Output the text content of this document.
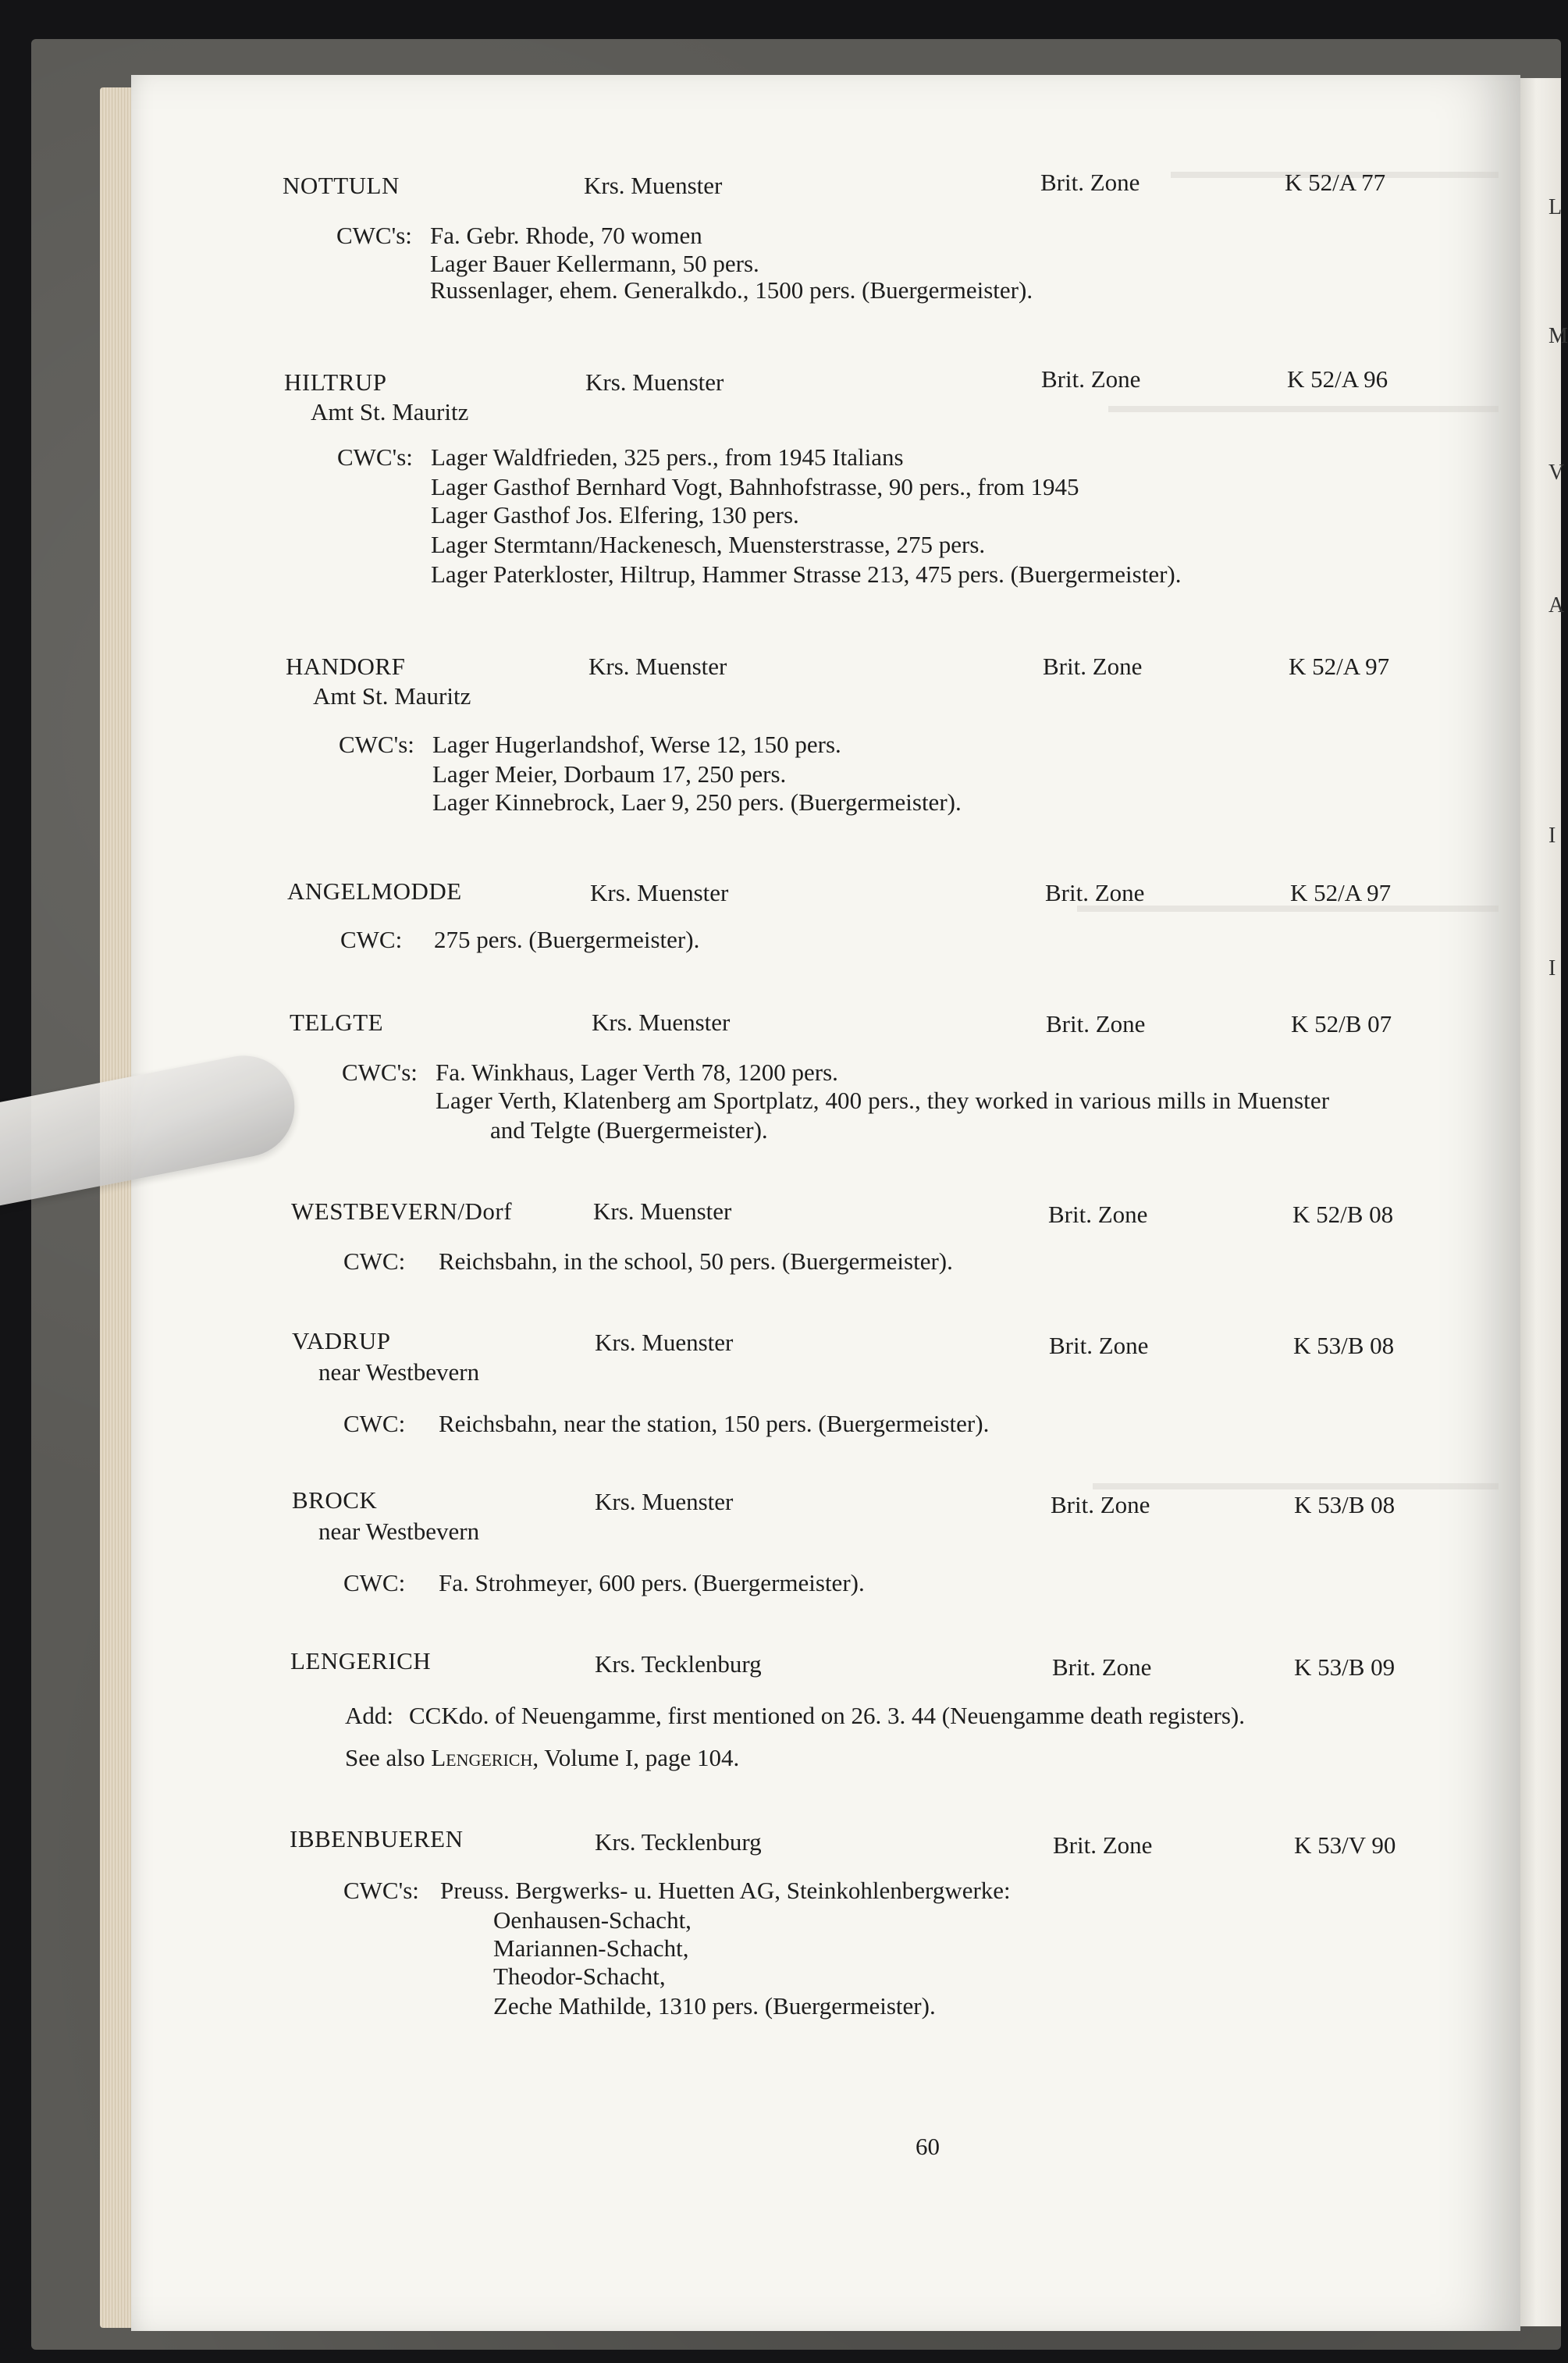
L
M
V
A
I
I
NOTTULN	Krs. Muenster	Brit. Zone	K 52/A 77
CWC's: Fa. Gebr. Rhode, 70 women
Lager Bauer Kellermann, 50 pers.
Russenlager, ehem. Generalkdo., 1500 pers. (Buergermeister).
HILTRUP	Krs. Muenster	Brit. Zone	K 52/A 96
Amt St. Mauritz
CWC's: Lager Waldfrieden, 325 pers., from 1945 Italians
Lager Gasthof Bernhard Vogt, Bahnhofstrasse, 90 pers., from 1945
Lager Gasthof Jos. Elfering, 130 pers.
Lager Stermtann/Hackenesch, Muensterstrasse, 275 pers.
Lager Paterkloster, Hiltrup, Hammer Strasse 213, 475 pers. (Buergermeister).
HANDORF	Krs. Muenster	Brit. Zone	K 52/A 97
Amt St. Mauritz
CWC's: Lager Hugerlandshof, Werse 12, 150 pers.
Lager Meier, Dorbaum 17, 250 pers.
Lager Kinnebrock, Laer 9, 250 pers. (Buergermeister).
ANGELMODDE	Krs. Muenster	Brit. Zone	K 52/A 97
CWC: 275 pers. (Buergermeister).
TELGTE	Krs. Muenster	Brit. Zone	K 52/B 07
CWC's: Fa. Winkhaus, Lager Verth 78, 1200 pers.
Lager Verth, Klatenberg am Sportplatz, 400 pers., they worked in various mills in Muenster
and Telgte (Buergermeister).
WESTBEVERN/Dorf	Krs. Muenster	Brit. Zone	K 52/B 08
CWC: Reichsbahn, in the school, 50 pers. (Buergermeister).
VADRUP	Krs. Muenster	Brit. Zone	K 53/B 08
near Westbevern
CWC: Reichsbahn, near the station, 150 pers. (Buergermeister).
BROCK	Krs. Muenster	Brit. Zone	K 53/B 08
near Westbevern
CWC: Fa. Strohmeyer, 600 pers. (Buergermeister).
LENGERICH	Krs. Tecklenburg	Brit. Zone	K 53/B 09
Add: CCKdo. of Neuengamme, first mentioned on 26. 3. 44 (Neuengamme death registers).
See also Lengerich, Volume I, page 104.
IBBENBUEREN	Krs. Tecklenburg	Brit. Zone	K 53/V 90
CWC's: Preuss. Bergwerks- u. Huetten AG, Steinkohlenbergwerke:
Oenhausen-Schacht,
Mariannen-Schacht,
Theodor-Schacht,
Zeche Mathilde, 1310 pers. (Buergermeister).
60
